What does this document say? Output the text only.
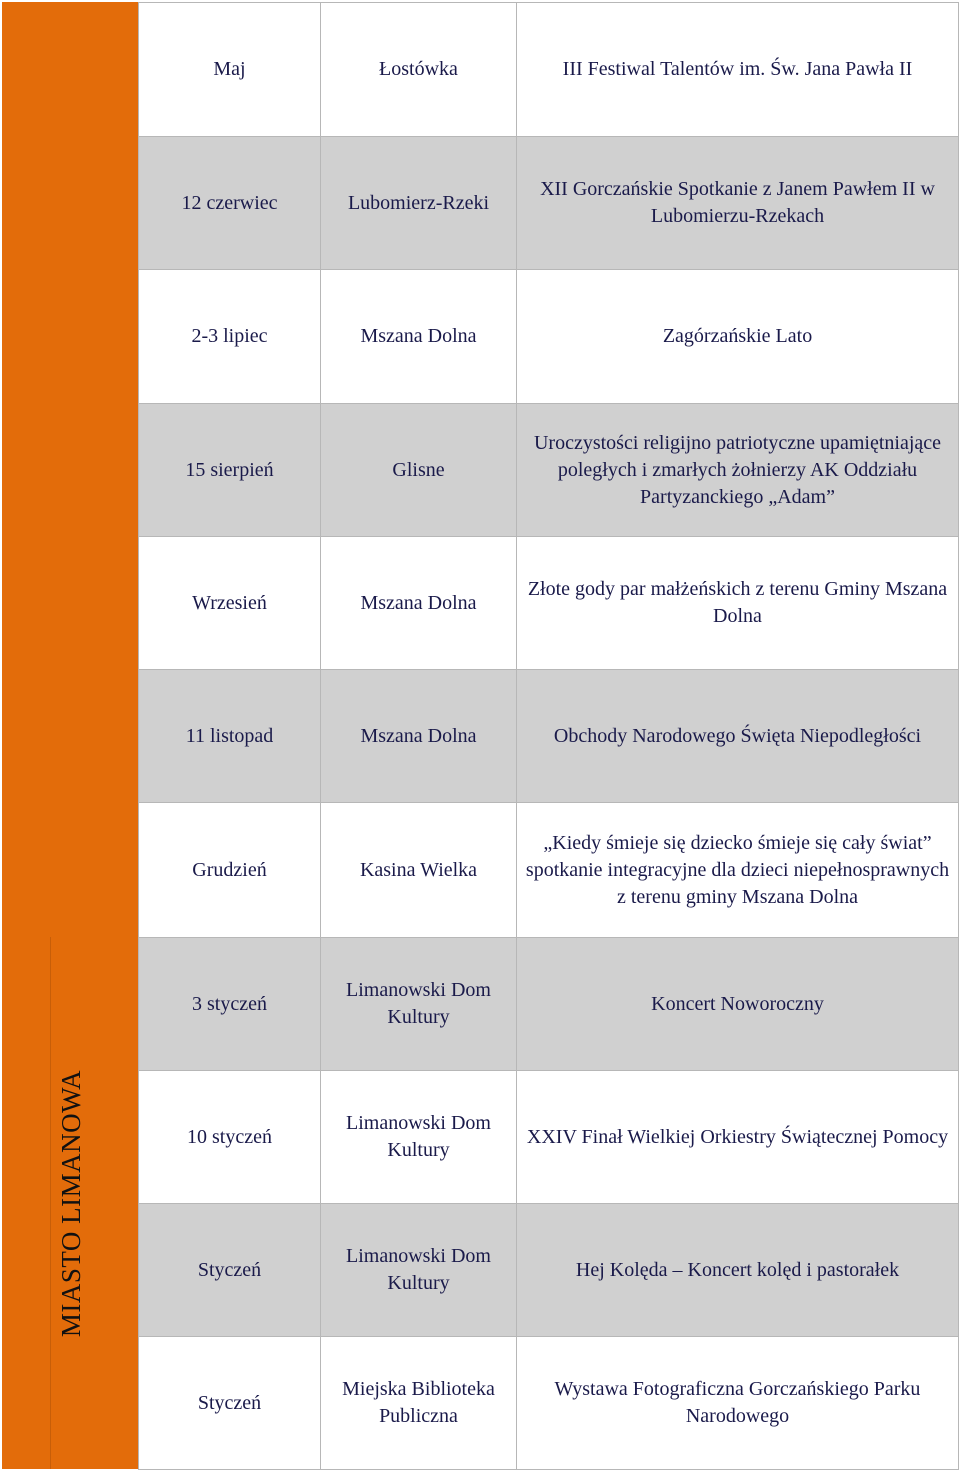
MIASTO LIMANOWA
Maj	Łostówka	III Festiwal Talentów im. Św. Jana Pawła II
12 czerwiec	Lubomierz-Rzeki	XII Gorczańskie Spotkanie z Janem Pawłem II w Lubomierzu-Rzekach
2-3 lipiec	Mszana Dolna	Zagórzańskie Lato
15 sierpień	Glisne	Uroczystości religijno patriotyczne upamiętniające poległych i zmarłych żołnierzy AK Oddziału Partyzanckiego „Adam”
Wrzesień	Mszana Dolna	Złote gody par małżeńskich z terenu Gminy Mszana Dolna
11 listopad	Mszana Dolna	Obchody Narodowego Święta Niepodległości
Grudzień	Kasina Wielka	„Kiedy śmieje się dziecko śmieje się cały świat” spotkanie integracyjne dla dzieci niepełnosprawnych z terenu gminy Mszana Dolna
3 styczeń	Limanowski Dom Kultury	Koncert Noworoczny
10 styczeń	Limanowski Dom Kultury	XXIV Finał Wielkiej Orkiestry Świątecznej Pomocy
Styczeń	Limanowski Dom Kultury	Hej Kolęda – Koncert kolęd i pastorałek
Styczeń	Miejska Biblioteka Publiczna	Wystawa Fotograficzna Gorczańskiego Parku Narodowego
